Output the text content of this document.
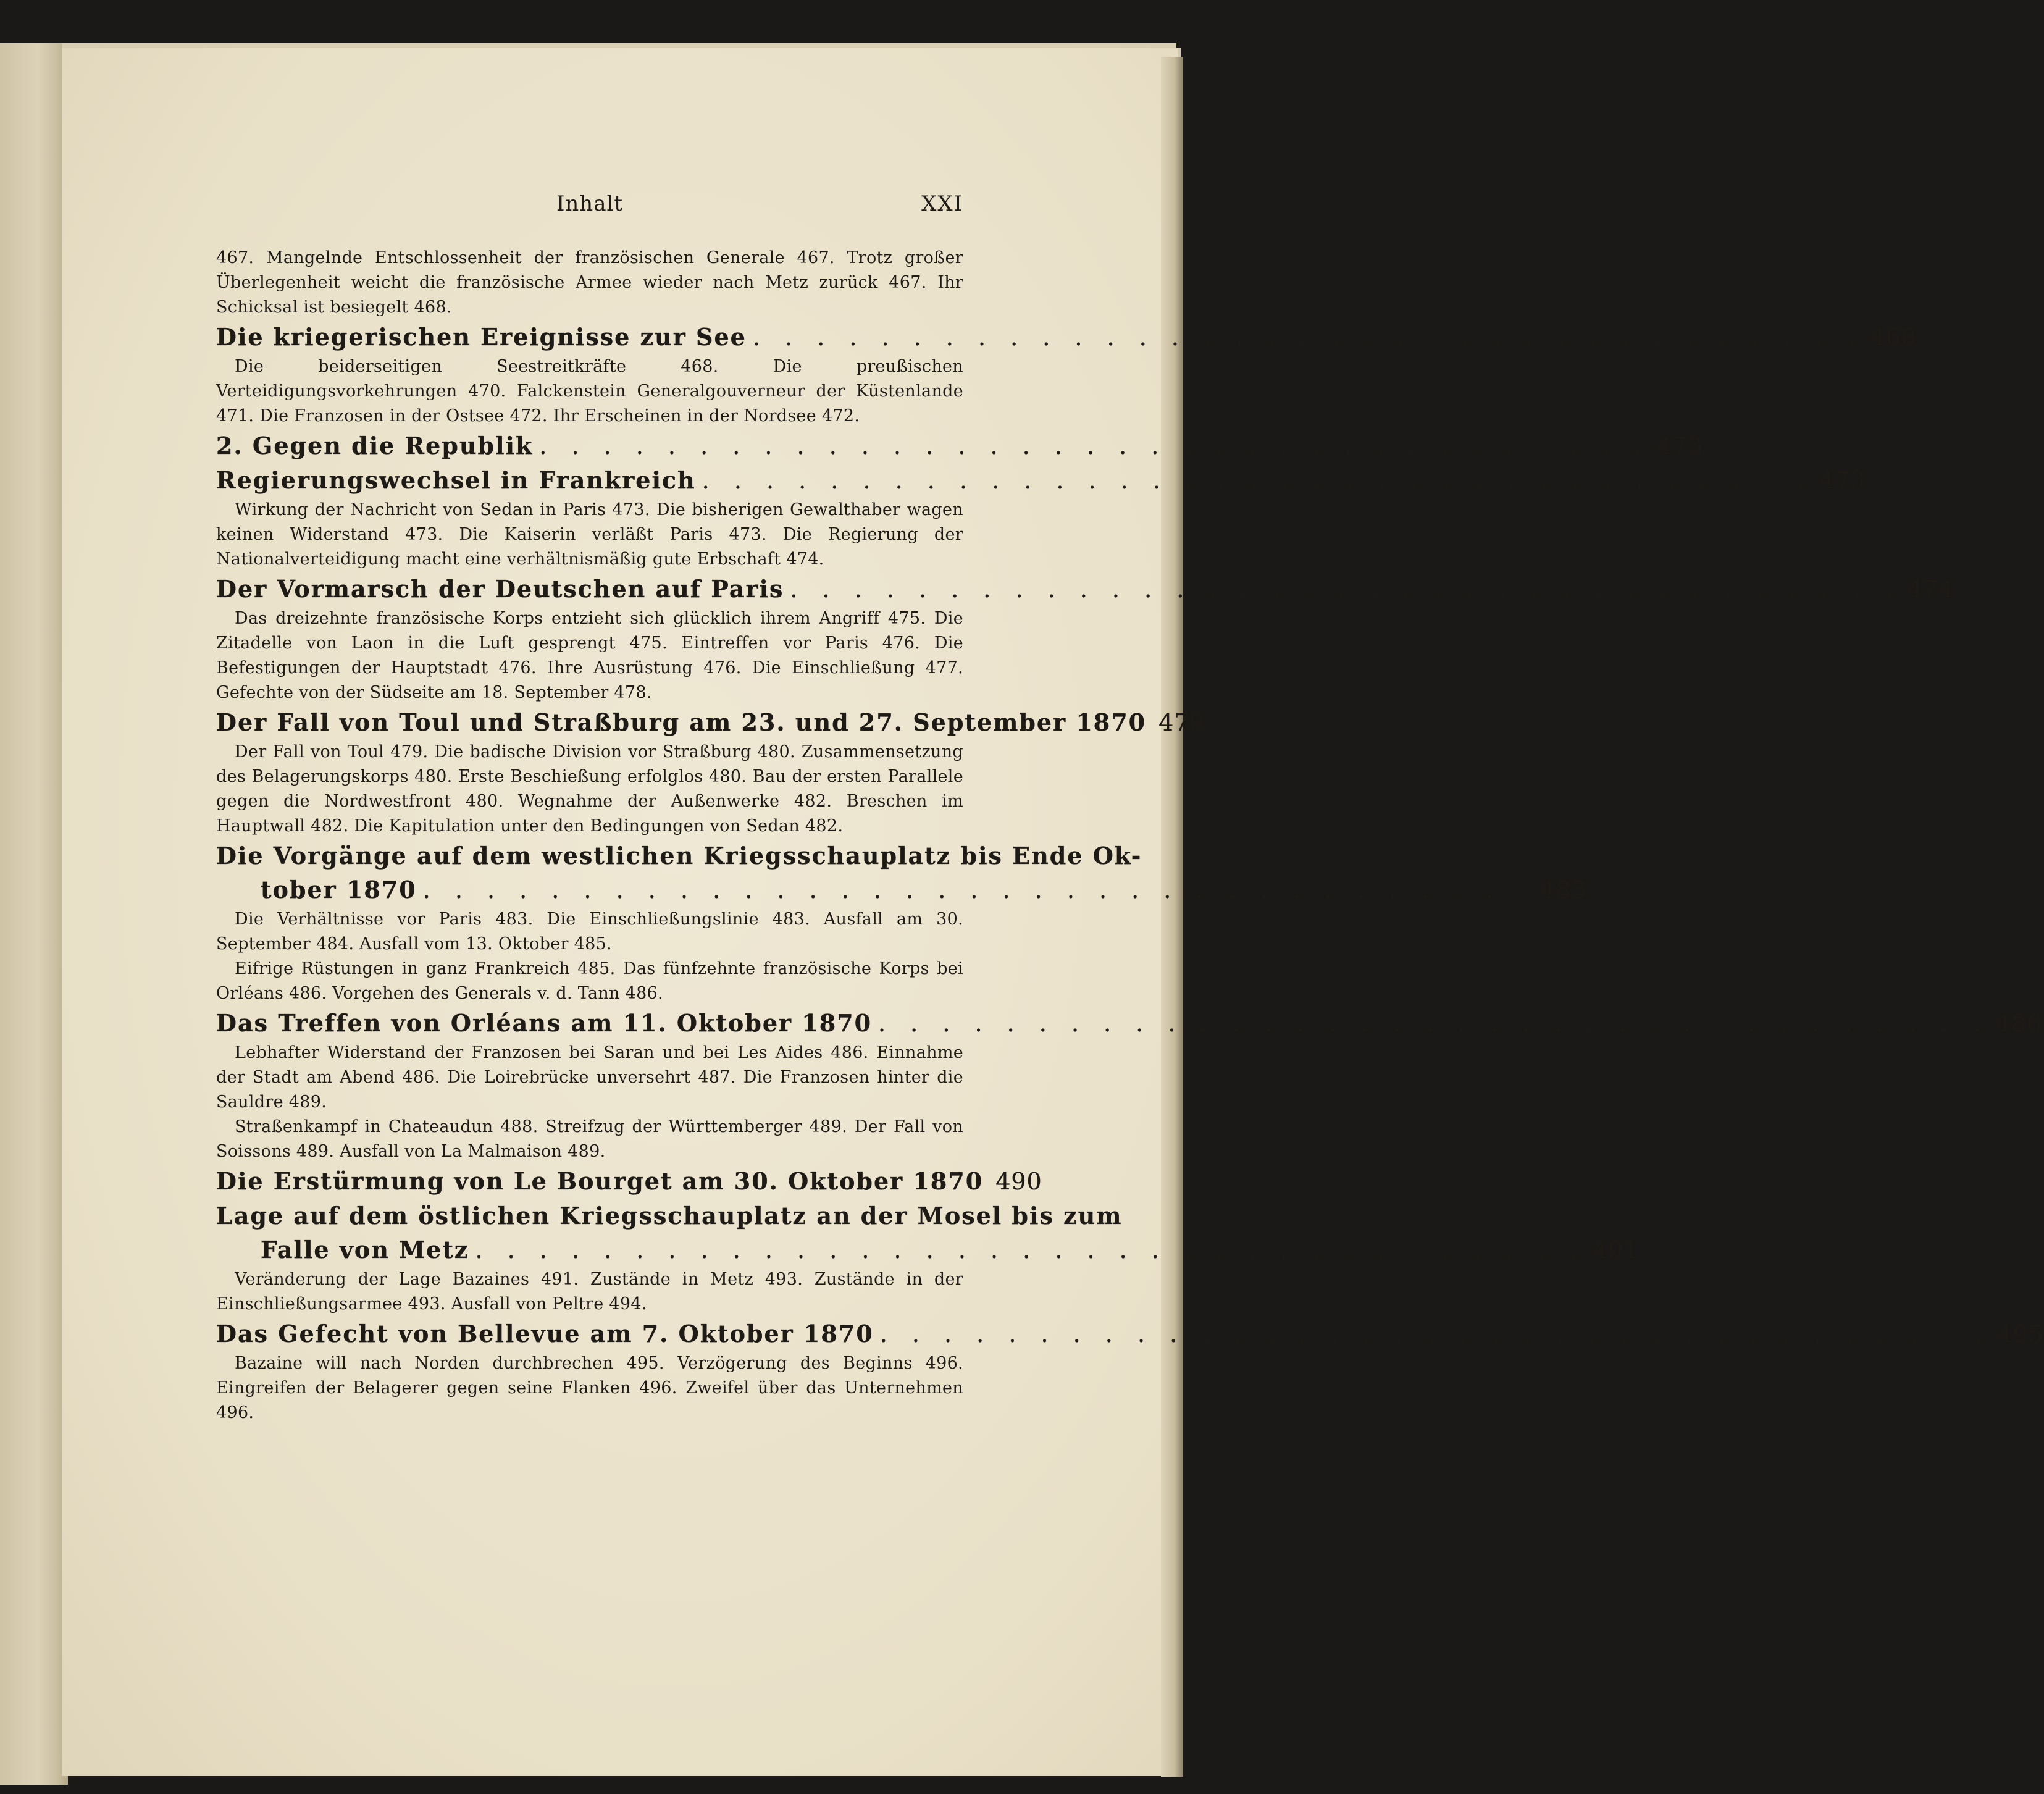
Inhalt	XXI

467. Mangelnde Entschlossenheit der französischen Generale 467. Trotz großer Überlegenheit weicht die französische Armee wieder nach Metz zurück 467. Ihr Schicksal ist besiegelt 468.

Die kriegerischen Ereignisse zur See . . . . . . . . . . . . . . . . . . . . . . . . . . . . . . . . . . . 468

Die beiderseitigen Seestreitkräfte 468. Die preußischen Verteidigungsvorkehrungen 470. Falckenstein Generalgouverneur der Küstenlande 471. Die Franzosen in der Ostsee 472. Ihr Erscheinen in der Nordsee 472.

2. Gegen die Republik . . . . . . . . . . . . . . . . . . . . . . . . . . . . . . . . . . . 473
Regierungswechsel in Frankreich . . . . . . . . . . . . . . . . . . . . . . . . . . . . . . . . . . . 473

Wirkung der Nachricht von Sedan in Paris 473. Die bisherigen Gewalthaber wagen keinen Widerstand 473. Die Kaiserin verläßt Paris 473. Die Regierung der Nationalverteidigung macht eine verhältnismäßig gute Erbschaft 474.

Der Vormarsch der Deutschen auf Paris . . . . . . . . . . . . . . . . . . . . . . . . . . . . . . . . . . . 474

Das dreizehnte französische Korps entzieht sich glücklich ihrem Angriff 475. Die Zitadelle von Laon in die Luft gesprengt 475. Eintreffen vor Paris 476. Die Befestigungen der Hauptstadt 476. Ihre Ausrüstung 476. Die Einschließung 477. Gefechte von der Südseite am 18. September 478.

Der Fall von Toul und Straßburg am 23. und 27. September 1870 479

Der Fall von Toul 479. Die badische Division vor Straßburg 480. Zusammensetzung des Belagerungskorps 480. Erste Beschießung erfolglos 480. Bau der ersten Parallele gegen die Nordwestfront 480. Wegnahme der Außenwerke 482. Breschen im Hauptwall 482. Die Kapitulation unter den Bedingungen von Sedan 482.

Die Vorgänge auf dem westlichen Kriegsschauplatz bis Ende Ok-
tober 1870 . . . . . . . . . . . . . . . . . . . . . . . . . . . . . . . . . . . 483

Die Verhältnisse vor Paris 483. Die Einschließungslinie 483. Ausfall am 30. September 484. Ausfall vom 13. Oktober 485.

Eifrige Rüstungen in ganz Frankreich 485. Das fünfzehnte französische Korps bei Orléans 486. Vorgehen des Generals v. d. Tann 486.

Das Treffen von Orléans am 11. Oktober 1870 . . . . . . . . . . . . . . . . . . . . . . . . . . . . . . . . . . . 486

Lebhafter Widerstand der Franzosen bei Saran und bei Les Aides 486. Einnahme der Stadt am Abend 486. Die Loirebrücke unversehrt 487. Die Franzosen hinter die Sauldre 489.

Straßenkampf in Chateaudun 488. Streifzug der Württemberger 489. Der Fall von Soissons 489. Ausfall von La Malmaison 489.

Die Erstürmung von Le Bourget am 30. Oktober 1870 490
Lage auf dem östlichen Kriegsschauplatz an der Mosel bis zum
Falle von Metz . . . . . . . . . . . . . . . . . . . . . . . . . . . . . . . . . . . 491

Veränderung der Lage Bazaines 491. Zustände in Metz 493. Zustände in der Einschließungsarmee 493. Ausfall von Peltre 494.

Das Gefecht von Bellevue am 7. Oktober 1870 . . . . . . . . . . . . . . . . . . . . . . . . . . . . . . . . . . . 495

Bazaine will nach Norden durchbrechen 495. Verzögerung des Beginns 496. Eingreifen der Belagerer gegen seine Flanken 496. Zweifel über das Unternehmen 496.
